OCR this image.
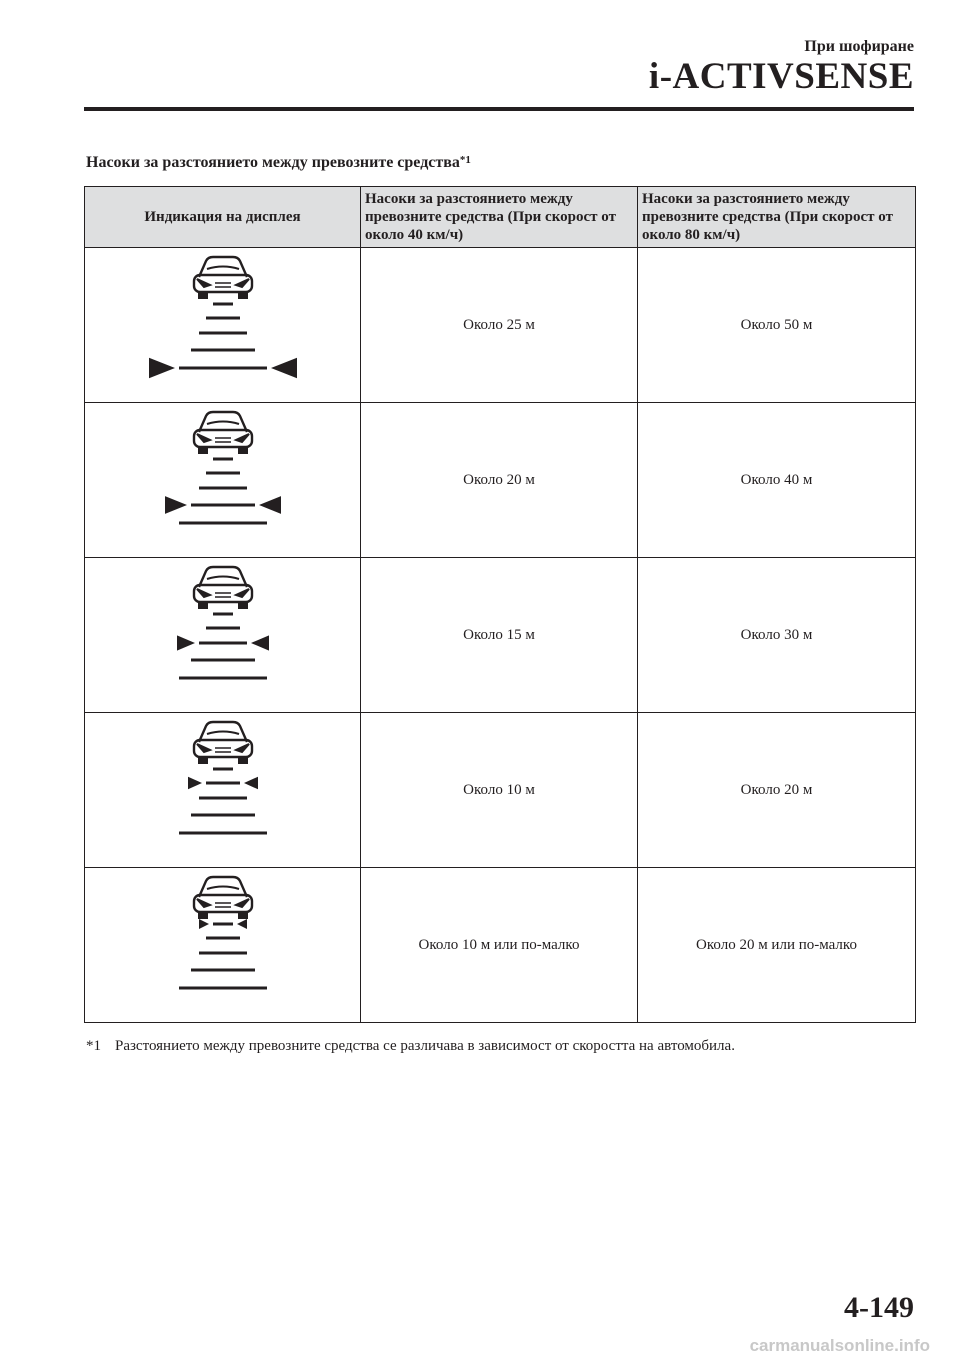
При шофиране
i-ACTIVSENSE
Насоки за разстоянието между превозните средства$^{*1}$
Индикация на дисплея	Насоки за разстоянието между превозните средства (При скорост от около 40 км/ч)	Насоки за разстоянието между превозните средства (При скорост от около 80 км/ч)

	Около 25 м	Около 50 м

	Около 20 м	Около 40 м

	Около 15 м	Около 30 м

	Около 10 м	Около 20 м

	Около 10 м или по-малко	Около 20 м или по-малко
*1 Разстоянието между превозните средства се различава в зависимост от скоростта на автомобила.
4-149
carmanualsonline.info
